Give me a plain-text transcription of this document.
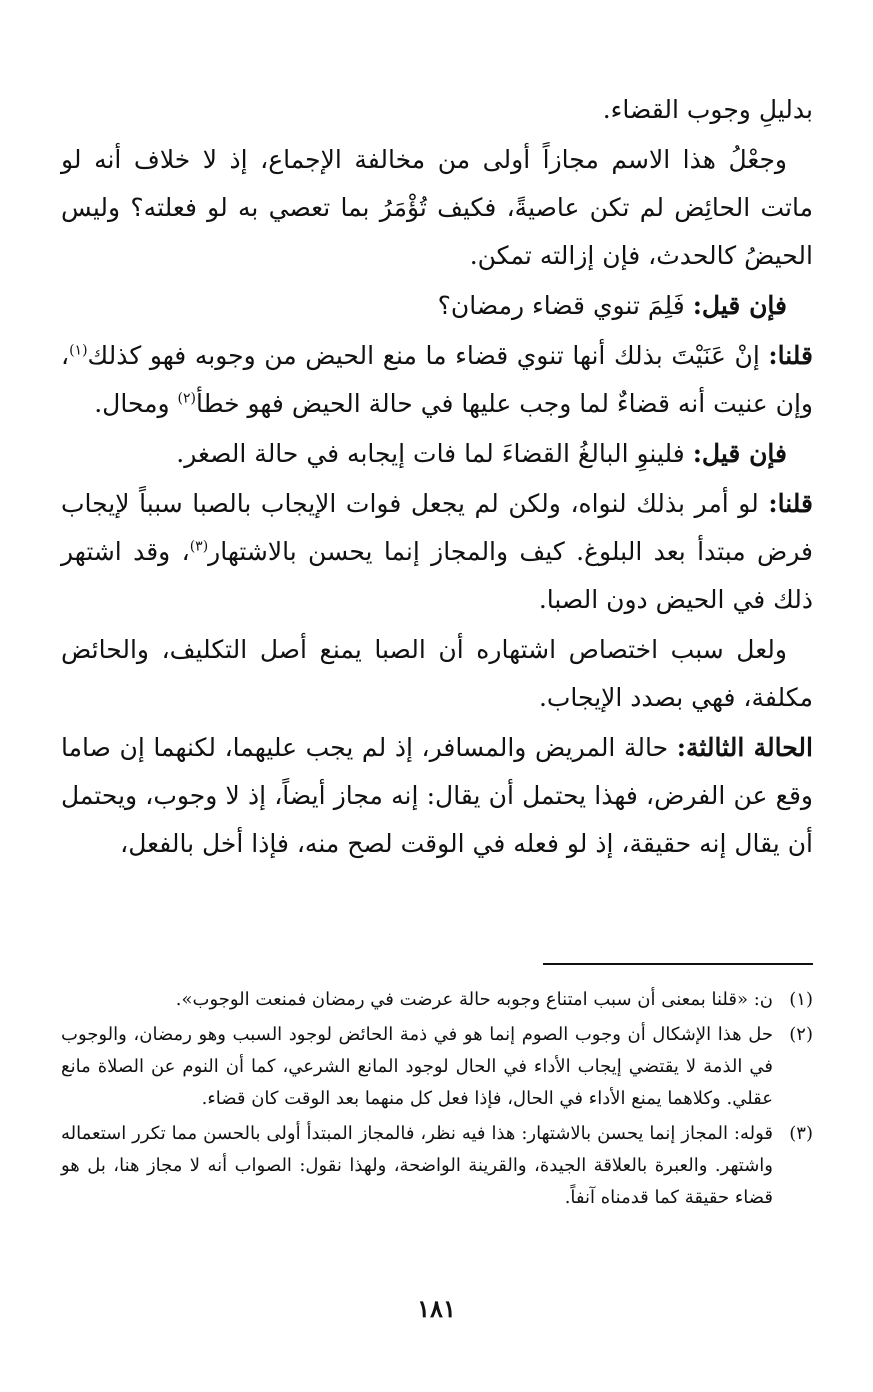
بدليلِ وجوب القضاء.

وجعْلُ هذا الاسم مجازاً أولى من مخالفة الإجماع، إذ لا خلاف أنه لو ماتت الحائِض لم تكن عاصيةً، فكيف تُؤْمَرُ بما تعصي به لو فعلته؟ وليس الحيضُ كالحدث، فإن إزالته تمكن.

فإن قيل: فَلِمَ تنوي قضاء رمضان؟

قلنا: إنْ عَنَيْتَ بذلك أنها تنوي قضاء ما منع الحيض من وجوبه فهو كذلك$^{(١)}$، وإن عنيت أنه قضاءٌ لما وجب عليها في حالة الحيض فهو خطأ$^{(٢)}$ ومحال.

فإن قيل: فلينوِ البالغُ القضاءَ لما فات إيجابه في حالة الصغر.

قلنا: لو أمر بذلك لنواه، ولكن لم يجعل فوات الإيجاب بالصبا سبباً لإيجاب فرض مبتدأ بعد البلوغ. كيف والمجاز إنما يحسن بالاشتهار$^{(٣)}$، وقد اشتهر ذلك في الحيض دون الصبا.

ولعل سبب اختصاص اشتهاره أن الصبا يمنع أصل التكليف، والحائض مكلفة، فهي بصدد الإيجاب.

الحالة الثالثة: حالة المريض والمسافر، إذ لم يجب عليهما، لكنهما إن صاما وقع عن الفرض، فهذا يحتمل أن يقال: إنه مجاز أيضاً، إذ لا وجوب، ويحتمل أن يقال إنه حقيقة، إذ لو فعله في الوقت لصح منه، فإذا أخل بالفعل،

(١)
ن: «قلنا بمعنى أن سبب امتناع وجوبه حالة عرضت في رمضان فمنعت الوجوب».
(٢)
حل هذا الإشكال أن وجوب الصوم إنما هو في ذمة الحائض لوجود السبب وهو رمضان، والوجوب في الذمة لا يقتضي إيجاب الأداء في الحال لوجود المانع الشرعي، كما أن النوم عن الصلاة مانع عقلي. وكلاهما يمنع الأداء في الحال، فإذا فعل كل منهما بعد الوقت كان قضاء.
(٣)
قوله: المجاز إنما يحسن بالاشتهار: هذا فيه نظر، فالمجاز المبتدأ أولى بالحسن مما تكرر استعماله واشتهر. والعبرة بالعلاقة الجيدة، والقرينة الواضحة، ولهذا نقول: الصواب أنه لا مجاز هنا، بل هو قضاء حقيقة كما قدمناه آنفاً.
١٨١
